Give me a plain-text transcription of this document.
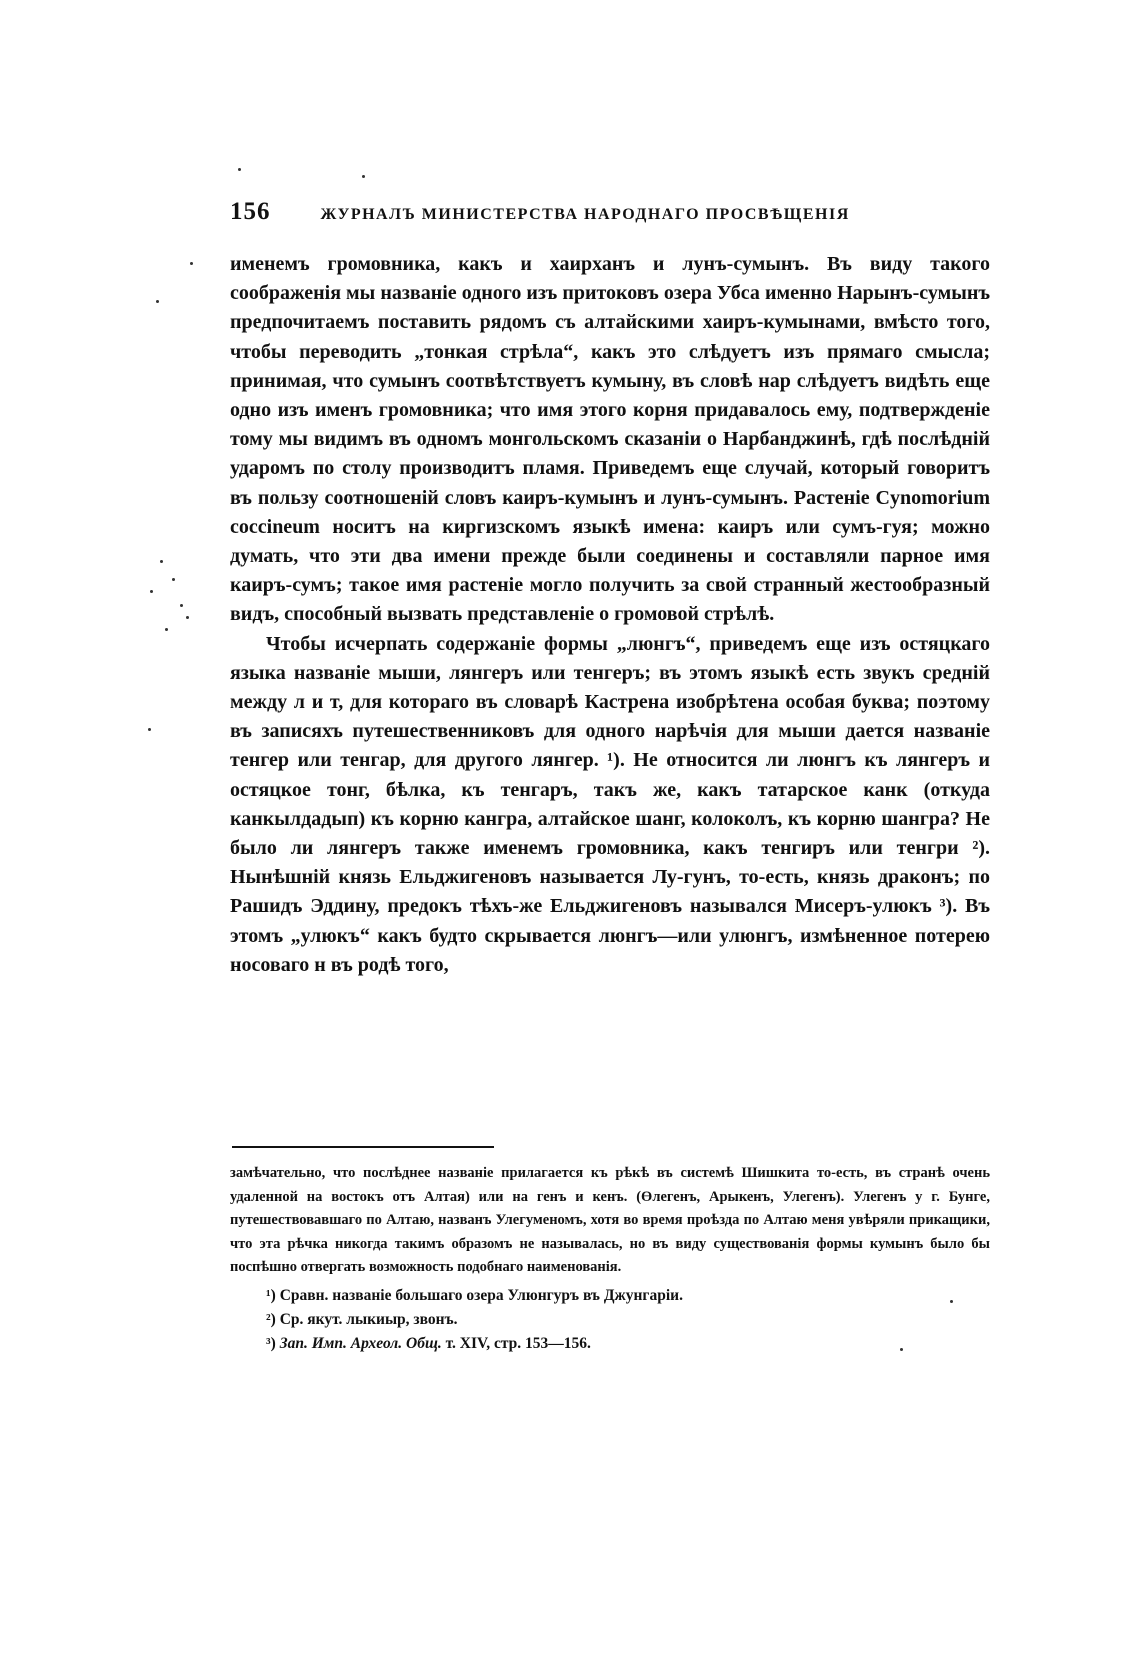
156	ЖУРНАЛЪ МИНИСТЕРСТВА НАРОДНАГО ПРОСВѢЩЕНІЯ

именемъ громовника, какъ и хаирханъ и лунъ-сумынъ. Въ виду такого соображенія мы названіе одного изъ притоковъ озера Убса именно Нарынъ-сумынъ предпочитаемъ поставить рядомъ съ алтайскими хаиръ-кумынами, вмѣсто того, чтобы переводить „тонкая стрѣла“, какъ это слѣдуетъ изъ прямаго смысла; принимая, что сумынъ соотвѣтствуетъ кумыну, въ словѣ нар слѣдуетъ видѣть еще одно изъ именъ громовника; что имя этого корня придавалось ему, подтвержденіе тому мы видимъ въ одномъ монгольскомъ сказаніи о Нарбанджинѣ, гдѣ послѣдній ударомъ по столу производитъ пламя. Приведемъ еще случай, который говоритъ въ пользу соотношеній словъ каиръ-кумынъ и лунъ-сумынъ. Растеніе Cynomorium coccineum носитъ на киргизскомъ языкѣ имена: каиръ или сумъ-гуя; можно думать, что эти два имени прежде были соединены и составляли парное имя каиръ-сумъ; такое имя растеніе могло получить за свой странный жестообразный видъ, способный вызвать представленіе о громовой стрѣлѣ.

Чтобы исчерпать содержаніе формы „люнгъ“, приведемъ еще изъ остяцкаго языка названіе мыши, лянгеръ или тенгеръ; въ этомъ языкѣ есть звукъ средній между л и т, для котораго въ словарѣ Кастрена изобрѣтена особая буква; поэтому въ записяхъ путешественниковъ для одного нарѣчія для мыши дается названіе тенгер или тенгар, для другого лянгер. ¹). Не относится ли люнгъ къ лянгеръ и остяцкое тонг, бѣлка, къ тенгаръ, такъ же, какъ татарское канк (откуда канкылдадып) къ корню кангра, алтайское шанг, колоколъ, къ корню шангра? Не было ли лянгеръ также именемъ громовника, какъ тенгиръ или тенгри ²). Нынѣшній князь Ельджигеновъ называется Лу-гунъ, то-есть, князь драконъ; по Рашидъ Эддину, предокъ тѣхъ-же Ельджигеновъ назывался Мисеръ-улюкъ ³). Въ этомъ „улюкъ“ какъ будто скрывается люнгъ—или улюнгъ, измѣненное потерею носоваго н въ родѣ того,

замѣчательно, что послѣднее названіе прилагается къ рѣкѣ въ системѣ Шишкита то-есть, въ странѣ очень удаленной на востокъ отъ Алтая) или на генъ и кенъ. (Өлегенъ, Арыкенъ, Улегенъ). Улегенъ у г. Бунге, путешествовавшаго по Алтаю, названъ Улегуменомъ, хотя во время проѣзда по Алтаю меня увѣряли прикащики, что эта рѣчка никогда такимъ образомъ не называлась, но въ виду существованія формы кумынъ было бы поспѣшно отвергать возможность подобнаго наименованія.

¹) Сравн. названіе большаго озера Улюнгуръ въ Джунгаріи.
²) Ср. якут. лыкиыр, звонъ.
³) Зап. Имп. Археол. Общ. т. XIV, стр. 153—156.
